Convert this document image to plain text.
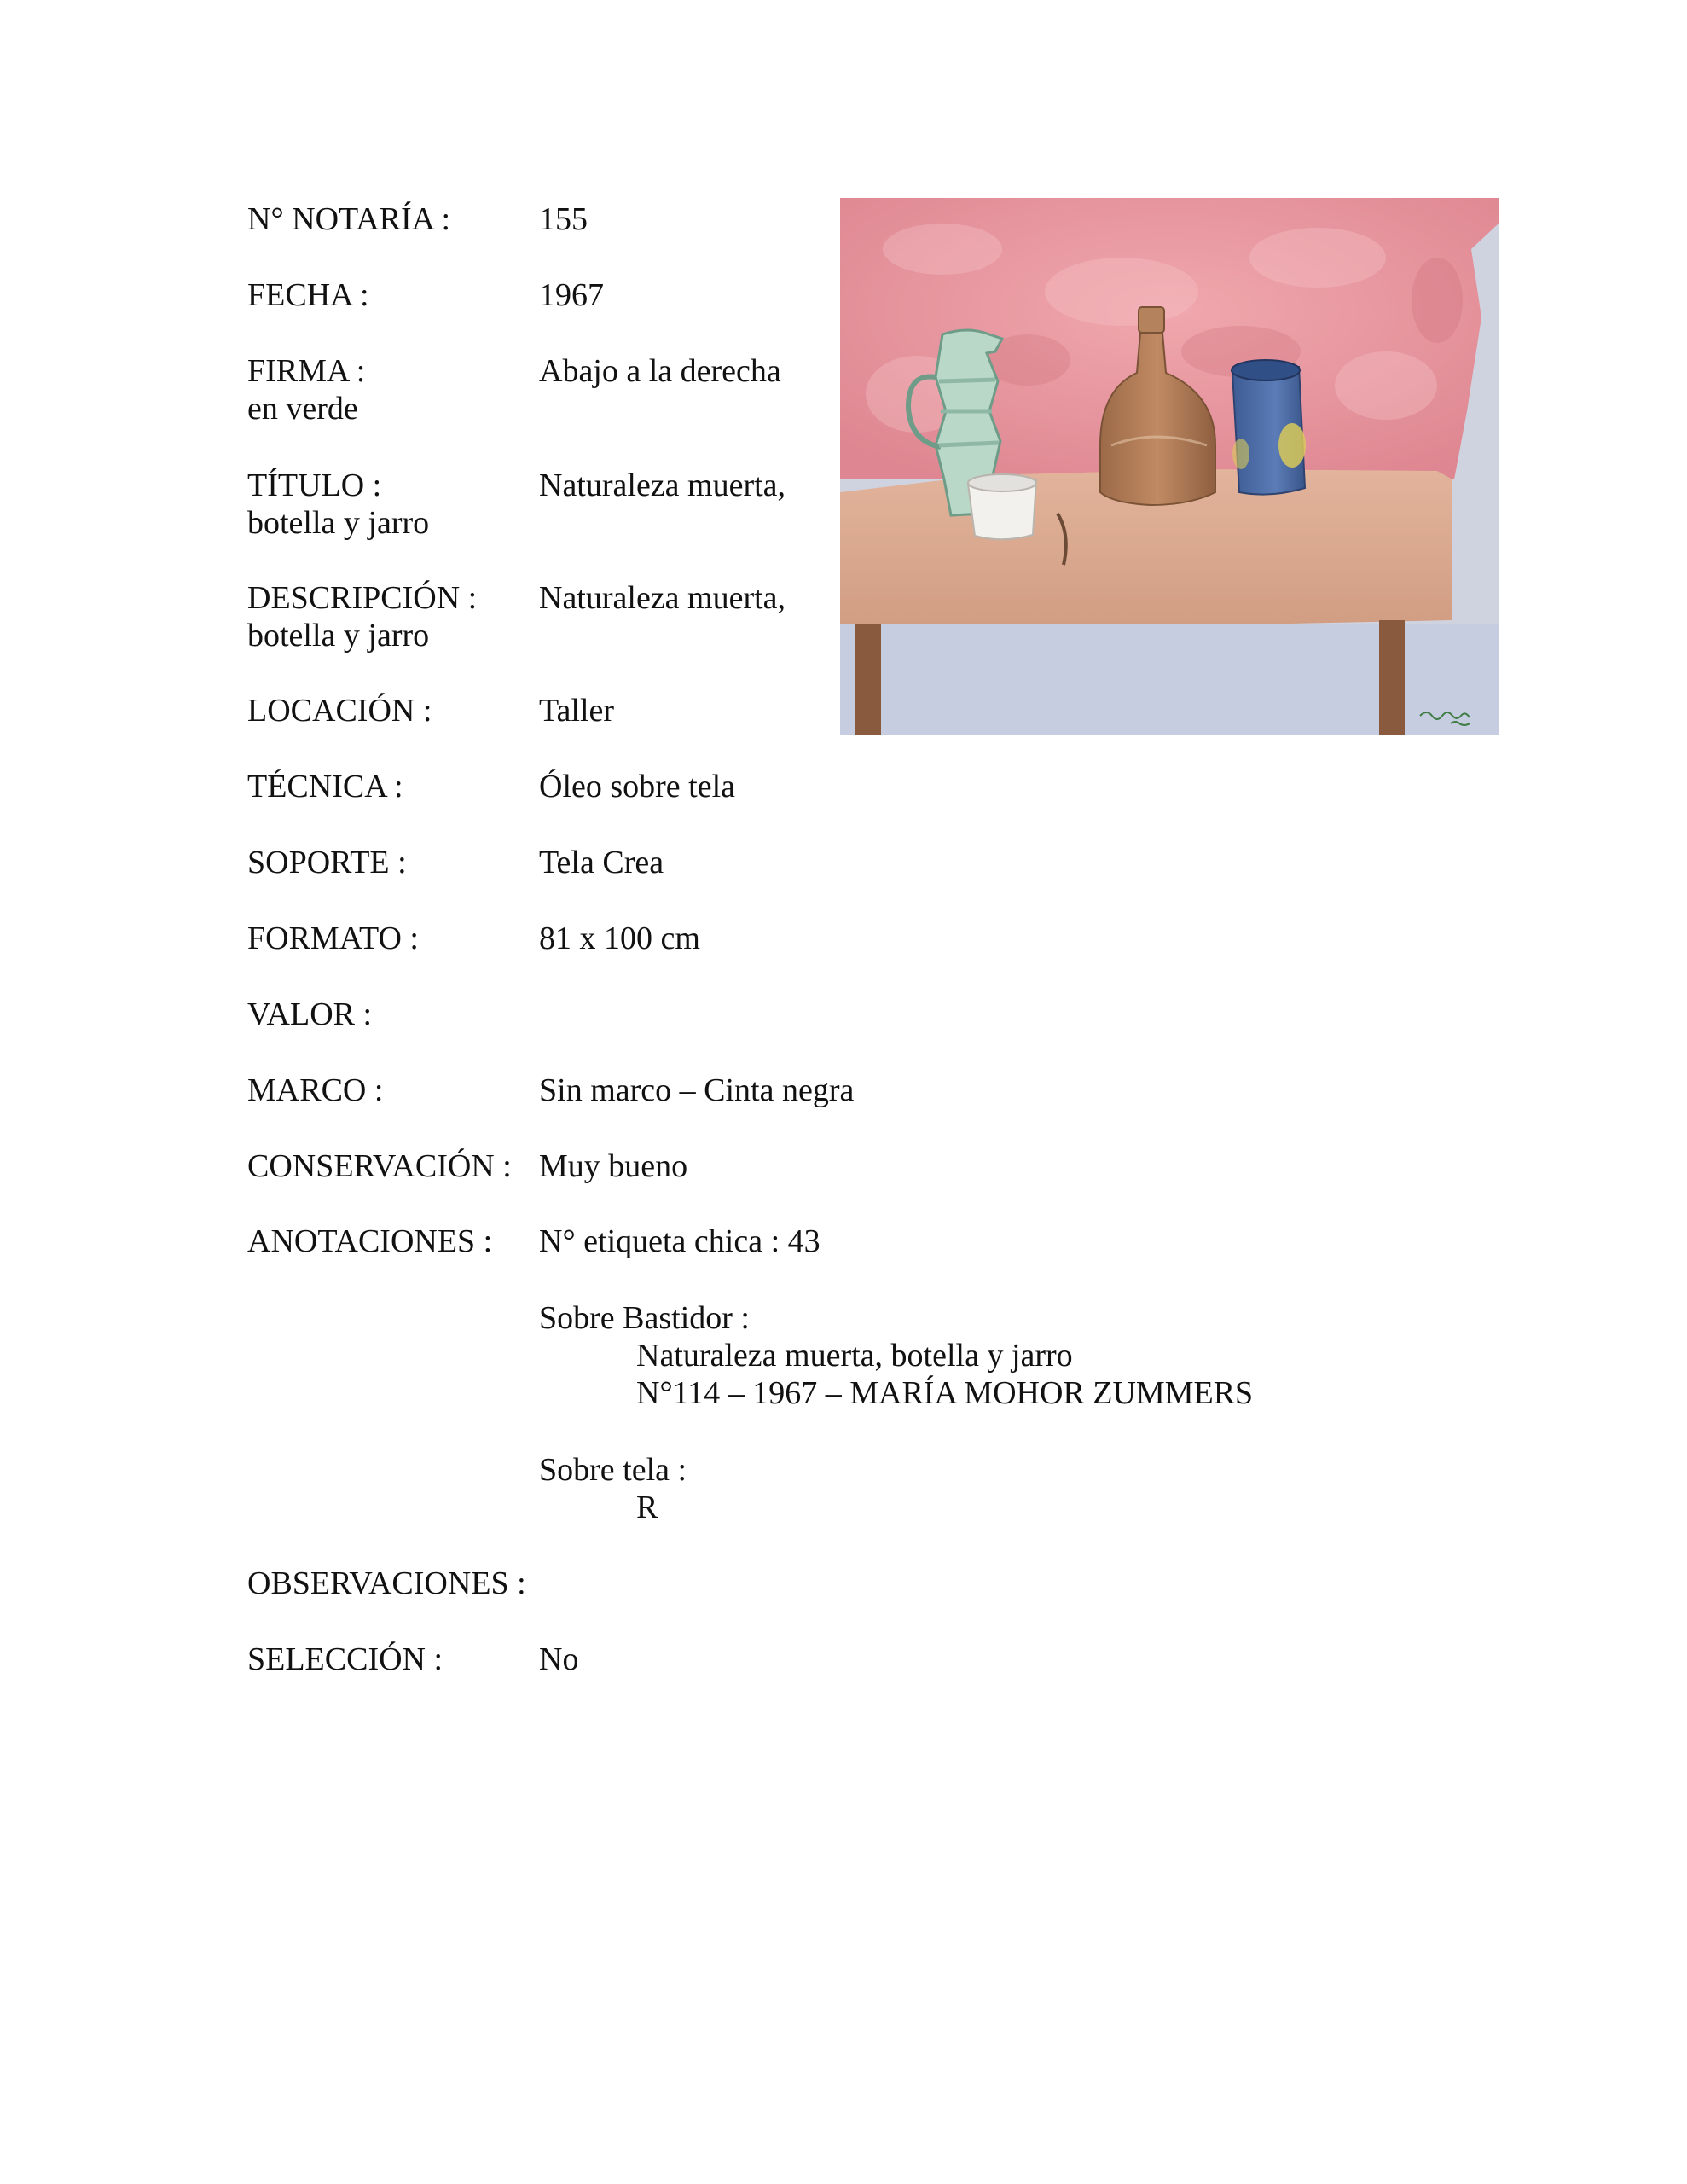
N° NOTARÍA :	155
FECHA :	1967
FIRMA :	Abajo a la derecha
en verde
TÍTULO :	Naturaleza muerta,
botella y jarro
DESCRIPCIÓN : Naturaleza muerta,
botella y jarro
LOCACIÓN :	Taller
TÉCNICA :	Óleo sobre tela
SOPORTE :	Tela Crea
FORMATO :	81 x 100 cm
VALOR :
MARCO :	Sin marco – Cinta negra
CONSERVACIÓN : Muy bueno
ANOTACIONES : N° etiqueta chica : 43
Sobre Bastidor :
Naturaleza muerta, botella y jarro
N°114 – 1967 – MARÍA MOHOR ZUMMERS
Sobre tela :
R
OBSERVACIONES :
SELECCIÓN :	No
